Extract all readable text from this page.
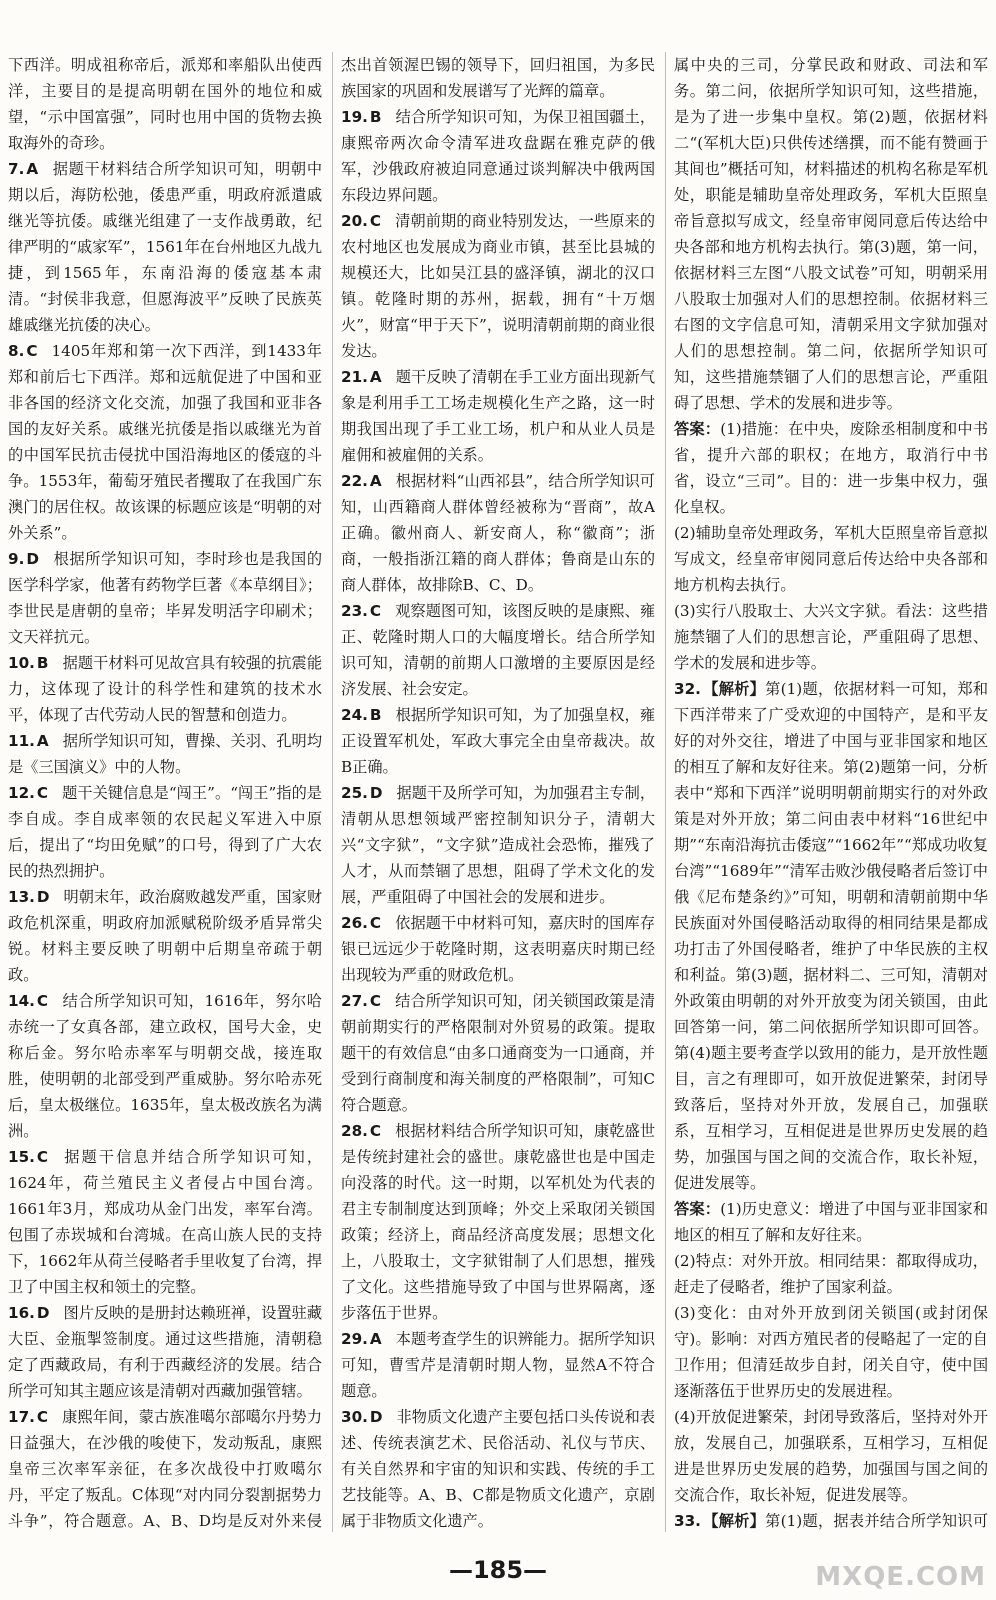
下西洋。明成祖称帝后，派郑和率船队出使西洋，主要目的是提高明朝在国外的地位和威望，“示中国富强”，同时也用中国的货物去换取海外的奇珍。

7. A 据题干材料结合所学知识可知，明朝中期以后，海防松弛，倭患严重，明政府派遣戚继光等抗倭。戚继光组建了一支作战勇敢，纪律严明的“戚家军”，1561年在台州地区九战九捷，到1565年，东南沿海的倭寇基本肃清。“封侯非我意，但愿海波平”反映了民族英雄戚继光抗倭的决心。

8. C 1405年郑和第一次下西洋，到1433年郑和前后七下西洋。郑和远航促进了中国和亚非各国的经济文化交流，加强了我国和亚非各国的友好关系。戚继光抗倭是指以戚继光为首的中国军民抗击侵扰中国沿海地区的倭寇的斗争。1553年，葡萄牙殖民者攫取了在我国广东澳门的居住权。故该课的标题应该是“明朝的对外关系”。

9. D 根据所学知识可知，李时珍也是我国的医学科学家，他著有药物学巨著《本草纲目》；李世民是唐朝的皇帝；毕昇发明活字印刷术；文天祥抗元。

10. B 据题干材料可见故宫具有较强的抗震能力，这体现了设计的科学性和建筑的技术水平，体现了古代劳动人民的智慧和创造力。

11. A 据所学知识可知，曹操、关羽、孔明均是《三国演义》中的人物。

12. C 题干关键信息是“闯王”。“闯王”指的是李自成。李自成率领的农民起义军进入中原后，提出了“均田免赋”的口号，得到了广大农民的热烈拥护。

13. D 明朝末年，政治腐败越发严重，国家财政危机深重，明政府加派赋税阶级矛盾异常尖锐。材料主要反映了明朝中后期皇帝疏于朝政。

14. C 结合所学知识可知，1616年，努尔哈赤统一了女真各部，建立政权，国号大金，史称后金。努尔哈赤率军与明朝交战，接连取胜，使明朝的北部受到严重威胁。努尔哈赤死后，皇太极继位。1635年，皇太极改族名为满洲。

15. C 据题干信息并结合所学知识可知，1624年，荷兰殖民主义者侵占中国台湾。1661年3月，郑成功从金门出发，率军台湾。包围了赤崁城和台湾城。在高山族人民的支持下，1662年从荷兰侵略者手里收复了台湾，捍卫了中国主权和领土的完整。

16. D 图片反映的是册封达赖班禅，设置驻藏大臣、金瓶掣签制度。通过这些措施，清朝稳定了西藏政局，有利于西藏经济的发展。结合所学可知其主题应该是清朝对西藏加强管辖。

17. C 康熙年间，蒙古族准噶尔部噶尔丹势力日益强大，在沙俄的唆使下，发动叛乱，康熙皇帝三次率军亲征，在多次战役中打败噶尔丹，平定了叛乱。C体现“对内同分裂割据势力斗争”，符合题意。A、B、D均是反对外来侵

杰出首领渥巴锡的领导下，回归祖国，为多民族国家的巩固和发展谱写了光辉的篇章。

19. B 结合所学知识可知，为保卫祖国疆土，康熙帝两次命令清军进攻盘踞在雅克萨的俄军，沙俄政府被迫同意通过谈判解决中俄两国东段边界问题。

20. C 清朝前期的商业特别发达，一些原来的农村地区也发展成为商业市镇，甚至比县城的规模还大，比如吴江县的盛泽镇，湖北的汉口镇。乾隆时期的苏州，据载，拥有“十万烟火”，财富“甲于天下”，说明清朝前期的商业很发达。

21. A 题干反映了清朝在手工业方面出现新气象是利用手工工场走规模化生产之路，这一时期我国出现了手工业工场，机户和从业人员是雇佣和被雇佣的关系。

22. A 根据材料“山西祁县”，结合所学知识可知，山西籍商人群体曾经被称为“晋商”，故A正确。徽州商人、新安商人，称“徽商”；浙商，一般指浙江籍的商人群体；鲁商是山东的商人群体，故排除B、C、D。

23. C 观察题图可知，该图反映的是康熙、雍正、乾隆时期人口的大幅度增长。结合所学知识可知，清朝的前期人口激增的主要原因是经济发展、社会安定。

24. B 根据所学知识可知，为了加强皇权，雍正设置军机处，军政大事完全由皇帝裁决。故B正确。

25. D 据题干及所学可知，为加强君主专制，清朝从思想领域严密控制知识分子，清朝大兴“文字狱”，“文字狱”造成社会恐怖，摧残了人才，从而禁锢了思想，阻碍了学术文化的发展，严重阻碍了中国社会的发展和进步。

26. C 依据题干中材料可知，嘉庆时的国库存银已远远少于乾隆时期，这表明嘉庆时期已经出现较为严重的财政危机。

27. C 结合所学知识可知，闭关锁国政策是清朝前期实行的严格限制对外贸易的政策。提取题干的有效信息“由多口通商变为一口通商，并受到行商制度和海关制度的严格限制”，可知C符合题意。

28. C 根据材料结合所学知识可知，康乾盛世是传统封建社会的盛世。康乾盛世也是中国走向没落的时代。这一时期，以军机处为代表的君主专制制度达到顶峰；外交上采取闭关锁国政策；经济上，商品经济高度发展；思想文化上，八股取士，文字狱钳制了人们思想，摧残了文化。这些措施导致了中国与世界隔离，逐步落伍于世界。

29. A 本题考查学生的识辨能力。据所学知识可知，曹雪芹是清朝时期人物，显然A不符合题意。

30. D 非物质文化遗产主要包括口头传说和表述、传统表演艺术、民俗活动、礼仪与节庆、有关自然界和宇宙的知识和实践、传统的手工艺技能等。A、B、C都是物质文化遗产，京剧属于非物质文化遗产。

属中央的三司，分掌民政和财政、司法和军务。第二问，依据所学知识可知，这些措施，是为了进一步集中皇权。第(2)题，依据材料二“(军机大臣)只供传述缮撰，而不能有赞画于其间也”概括可知，材料描述的机构名称是军机处，职能是辅助皇帝处理政务，军机大臣照皇帝旨意拟写成文，经皇帝审阅同意后传达给中央各部和地方机构去执行。第(3)题，第一问，依据材料三左图“八股文试卷”可知，明朝采用八股取士加强对人们的思想控制。依据材料三右图的文字信息可知，清朝采用文字狱加强对人们的思想控制。第二问，依据所学知识可知，这些措施禁锢了人们的思想言论，严重阻碍了思想、学术的发展和进步等。

答案：(1)措施：在中央，废除丞相制度和中书省，提升六部的职权；在地方，取消行中书省，设立“三司”。目的：进一步集中权力，强化皇权。

(2)辅助皇帝处理政务，军机大臣照皇帝旨意拟写成文，经皇帝审阅同意后传达给中央各部和地方机构去执行。

(3)实行八股取士、大兴文字狱。看法：这些措施禁锢了人们的思想言论，严重阻碍了思想、学术的发展和进步等。

32. 【解析】第(1)题，依据材料一可知，郑和下西洋带来了广受欢迎的中国特产，是和平友好的对外交往，增进了中国与亚非国家和地区的相互了解和友好往来。第(2)题第一问，分析表中“郑和下西洋”说明明朝前期实行的对外政策是对外开放；第二问由表中材料“16世纪中期”“东南沿海抗击倭寇”“1662年”“郑成功收复台湾”“1689年”“清军击败沙俄侵略者后签订中俄《尼布楚条约》”可知，明朝和清朝前期中华民族面对外国侵略活动取得的相同结果是都成功打击了外国侵略者，维护了中华民族的主权和利益。第(3)题，据材料二、三可知，清朝对外政策由明朝的对外开放变为闭关锁国，由此回答第一问，第二问依据所学知识即可回答。第(4)题主要考查学以致用的能力，是开放性题目，言之有理即可，如开放促进繁荣，封闭导致落后，坚持对外开放，发展自己，加强联系，互相学习，互相促进是世界历史发展的趋势，加强国与国之间的交流合作，取长补短，促进发展等。

答案：(1)历史意义：增进了中国与亚非国家和地区的相互了解和友好往来。

(2)特点：对外开放。相同结果：都取得成功，赶走了侵略者，维护了国家利益。

(3)变化：由对外开放到闭关锁国(或封闭保守)。影响：对西方殖民者的侵略起了一定的自卫作用；但清廷故步自封，闭关自守，使中国逐渐落伍于世界历史的发展进程。

(4)开放促进繁荣，封闭导致落后，坚持对外开放，发展自己，加强联系，互相学习，互相促进是世界历史发展的趋势，加强国与国之间的交流合作，取长补短，促进发展等。

33. 【解析】第(1)题，据表并结合所学知识可

—185—	MXQE.COM
